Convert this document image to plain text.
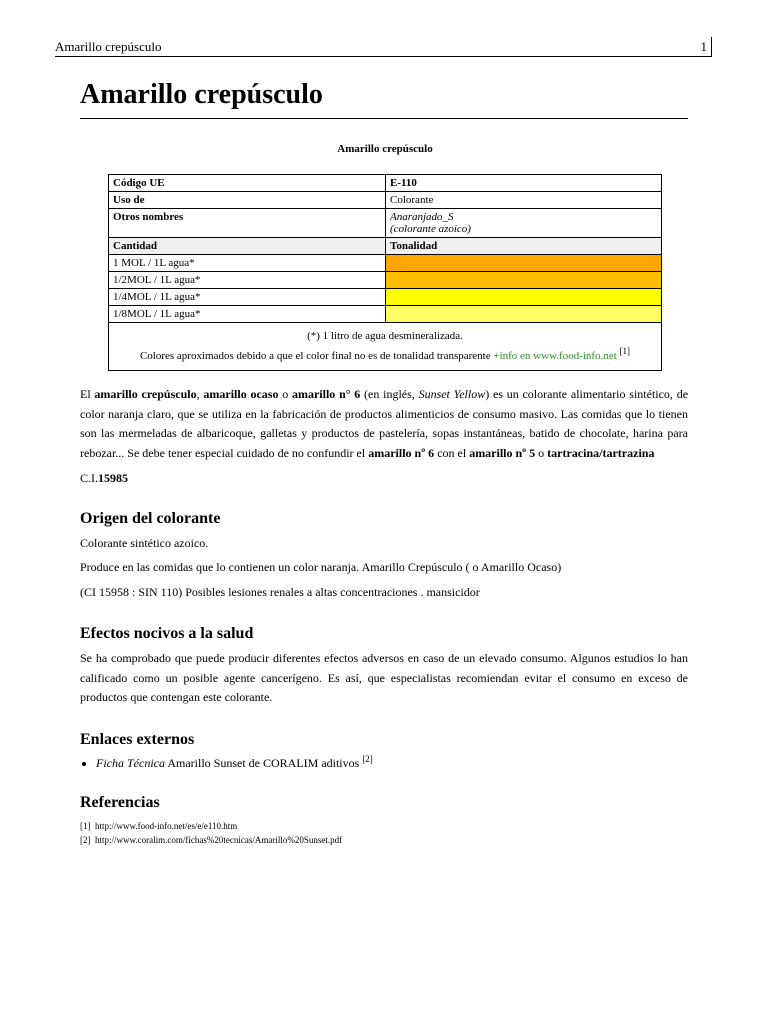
Amarillo crepúsculo	1
Amarillo crepúsculo
Amarillo crepúsculo
Código UE	E-110
Uso de	Colorante
Otros nombres	Anaranjado_S
(colorante azoico)
Cantidad	Tonalidad
1 MOL / 1L agua*	
1/2MOL / 1L agua*	
1/4MOL / 1L agua*	
1/8MOL / 1L agua*	
(*) 1 litro de agua desmineralizada.
Colores aproximados debido a que el color final no es de tonalidad transparente +info en www.food-info.net [1]

El amarillo crepúsculo, amarillo ocaso o amarillo n° 6 (en inglés, Sunset Yellow) es un colorante alimentario sintético, de color naranja claro, que se utiliza en la fabricación de productos alimenticios de consumo masivo. Las comidas que lo tienen son las mermeladas de albaricoque, galletas y productos de pastelería, sopas instantáneas, batido de chocolate, harina para rebozar... Se debe tener especial cuidado de no confundir el amarillo nº 6 con el amarillo nº 5 o tartracina/tartrazina

C.I.15985

Origen del colorante

Colorante sintético azoico.

Produce en las comidas que lo contienen un color naranja. Amarillo Crepúsculo ( o Amarillo Ocaso)

(CI 15958 : SIN 110) Posibles lesiones renales a altas concentraciones . mansicidor

Efectos nocivos a la salud

Se ha comprobado que puede producir diferentes efectos adversos en caso de un elevado consumo. Algunos estudios lo han calificado como un posible agente cancerígeno. Es así, que especialistas recomiendan evitar el consumo en exceso de productos que contengan este colorante.

Enlaces externos
• Ficha Técnica Amarillo Sunset de CORALIM aditivos [2]
Referencias
[1] http://www.food-info.net/es/e/e110.htm
[2] http://www.coralim.com/fichas%20tecnicas/Amarillo%20Sunset.pdf
